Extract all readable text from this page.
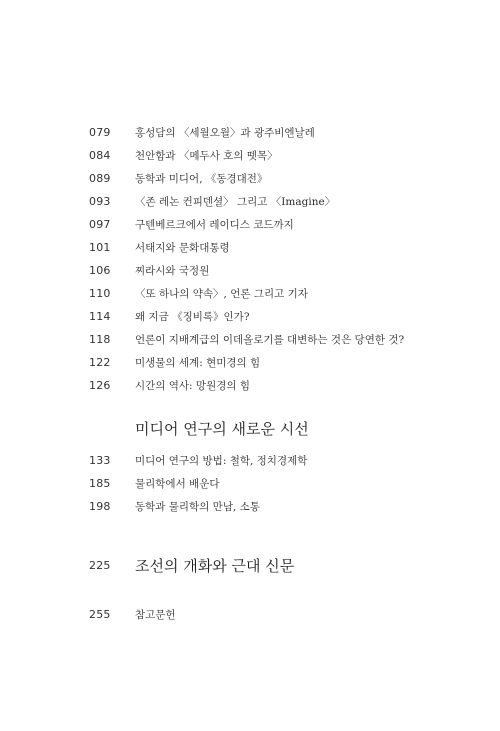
079	홍성담의 〈세월오월〉과 광주비엔날레
084	천안함과 〈메두사 호의 뗏목〉
089	동학과 미디어, 《동경대전》
093	〈존 레논 컨피덴셜〉 그리고 〈Imagine〉
097	구텐베르크에서 레이디스 코드까지
101	서태지와 문화대통령
106	찌라시와 국정원
110	〈또 하나의 약속〉, 언론 그리고 기자
114	왜 지금 《징비록》인가?
118	언론이 지배계급의 이데올로기를 대변하는 것은 당연한 것?
122	미생물의 세계: 현미경의 힘
126	시간의 역사: 망원경의 힘
미디어 연구의 새로운 시선
133	미디어 연구의 방법: 철학, 정치경제학
185	물리학에서 배운다
198	동학과 물리학의 만남, 소통
225	조선의 개화와 근대 신문
255	참고문헌
